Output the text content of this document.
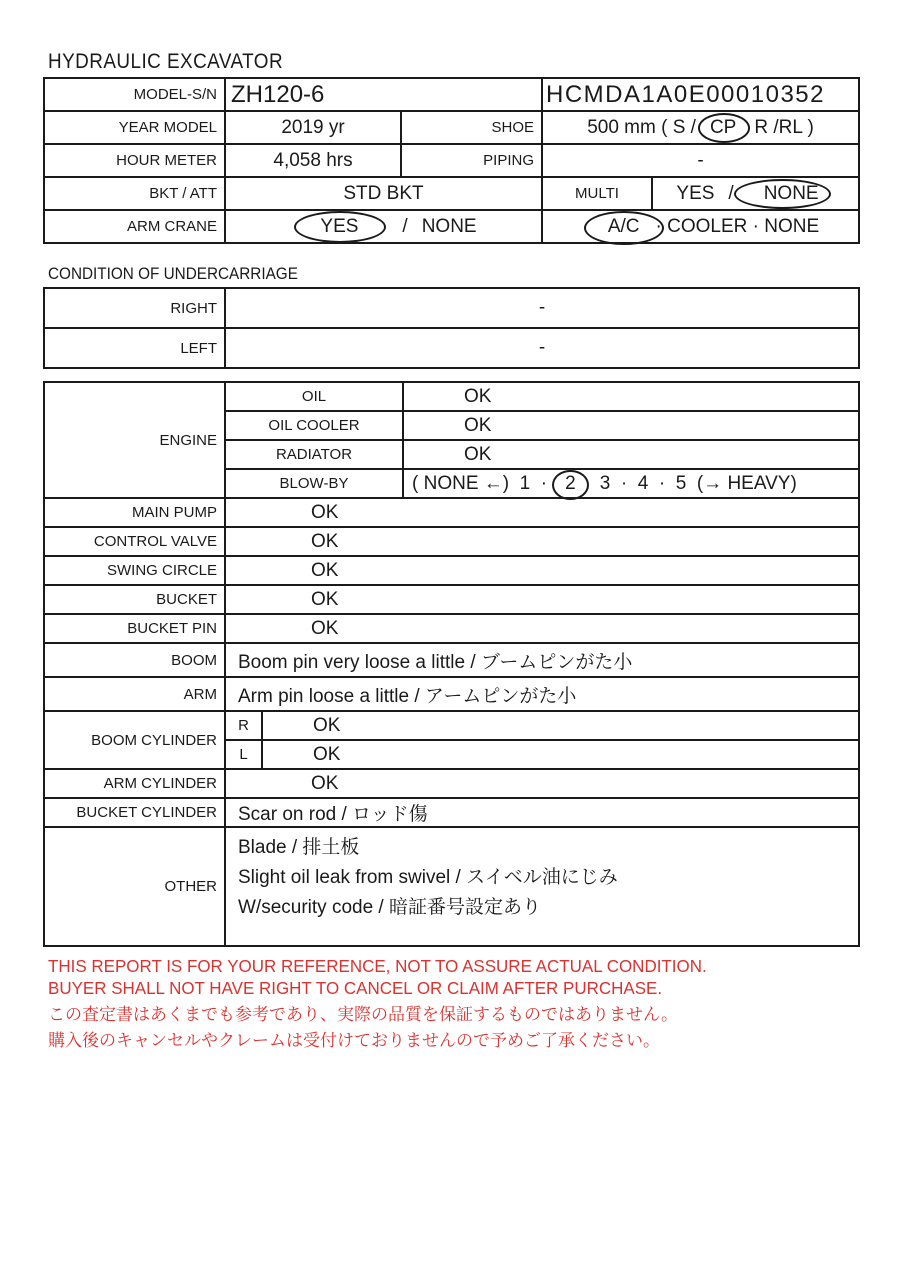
HYDRAULIC EXCAVATOR
MODEL-S/N ZH120-6	HCMDA1A0E00010352
YEAR MODEL	2019 yr	SHOE	500 mm ( S / CP R /RL )
HOUR METER	4,058 hrs	PIPING	-
BKT / ATT	STD BKT	MULTI	YES / NONE
ARM CRANE	YES / NONE	A/C · COOLER · NONE
CONDITION OF UNDERCARRIAGE
RIGHT	-
LEFT	-
ENGINE
OIL	OK
OIL COOLER	OK
RADIATOR	OK
BLOW-BY	( NONE ←)  1  · 2 3  ·  4  ·  5  (→ HEAVY)
MAIN PUMP	OK
CONTROL VALVE	OK
SWING CIRCLE	OK
BUCKET	OK
BUCKET PIN	OK
BOOM	Boom pin very loose a little / ブームピンがた小
ARM	Arm pin loose a little / アームピンがた小
BOOM CYLINDER
R	OK
L	OK
ARM CYLINDER	OK
BUCKET CYLINDER	Scar on rod / ロッド傷
OTHER
Blade / 排土板
Slight oil leak from swivel / スイベル油にじみ
W/security code / 暗証番号設定あり
THIS REPORT IS FOR YOUR REFERENCE, NOT TO ASSURE ACTUAL CONDITION.
BUYER SHALL NOT HAVE RIGHT TO CANCEL OR CLAIM AFTER PURCHASE.
この査定書はあくまでも参考であり、実際の品質を保証するものではありません。
購入後のキャンセルやクレームは受付けておりませんので予めご了承ください。
